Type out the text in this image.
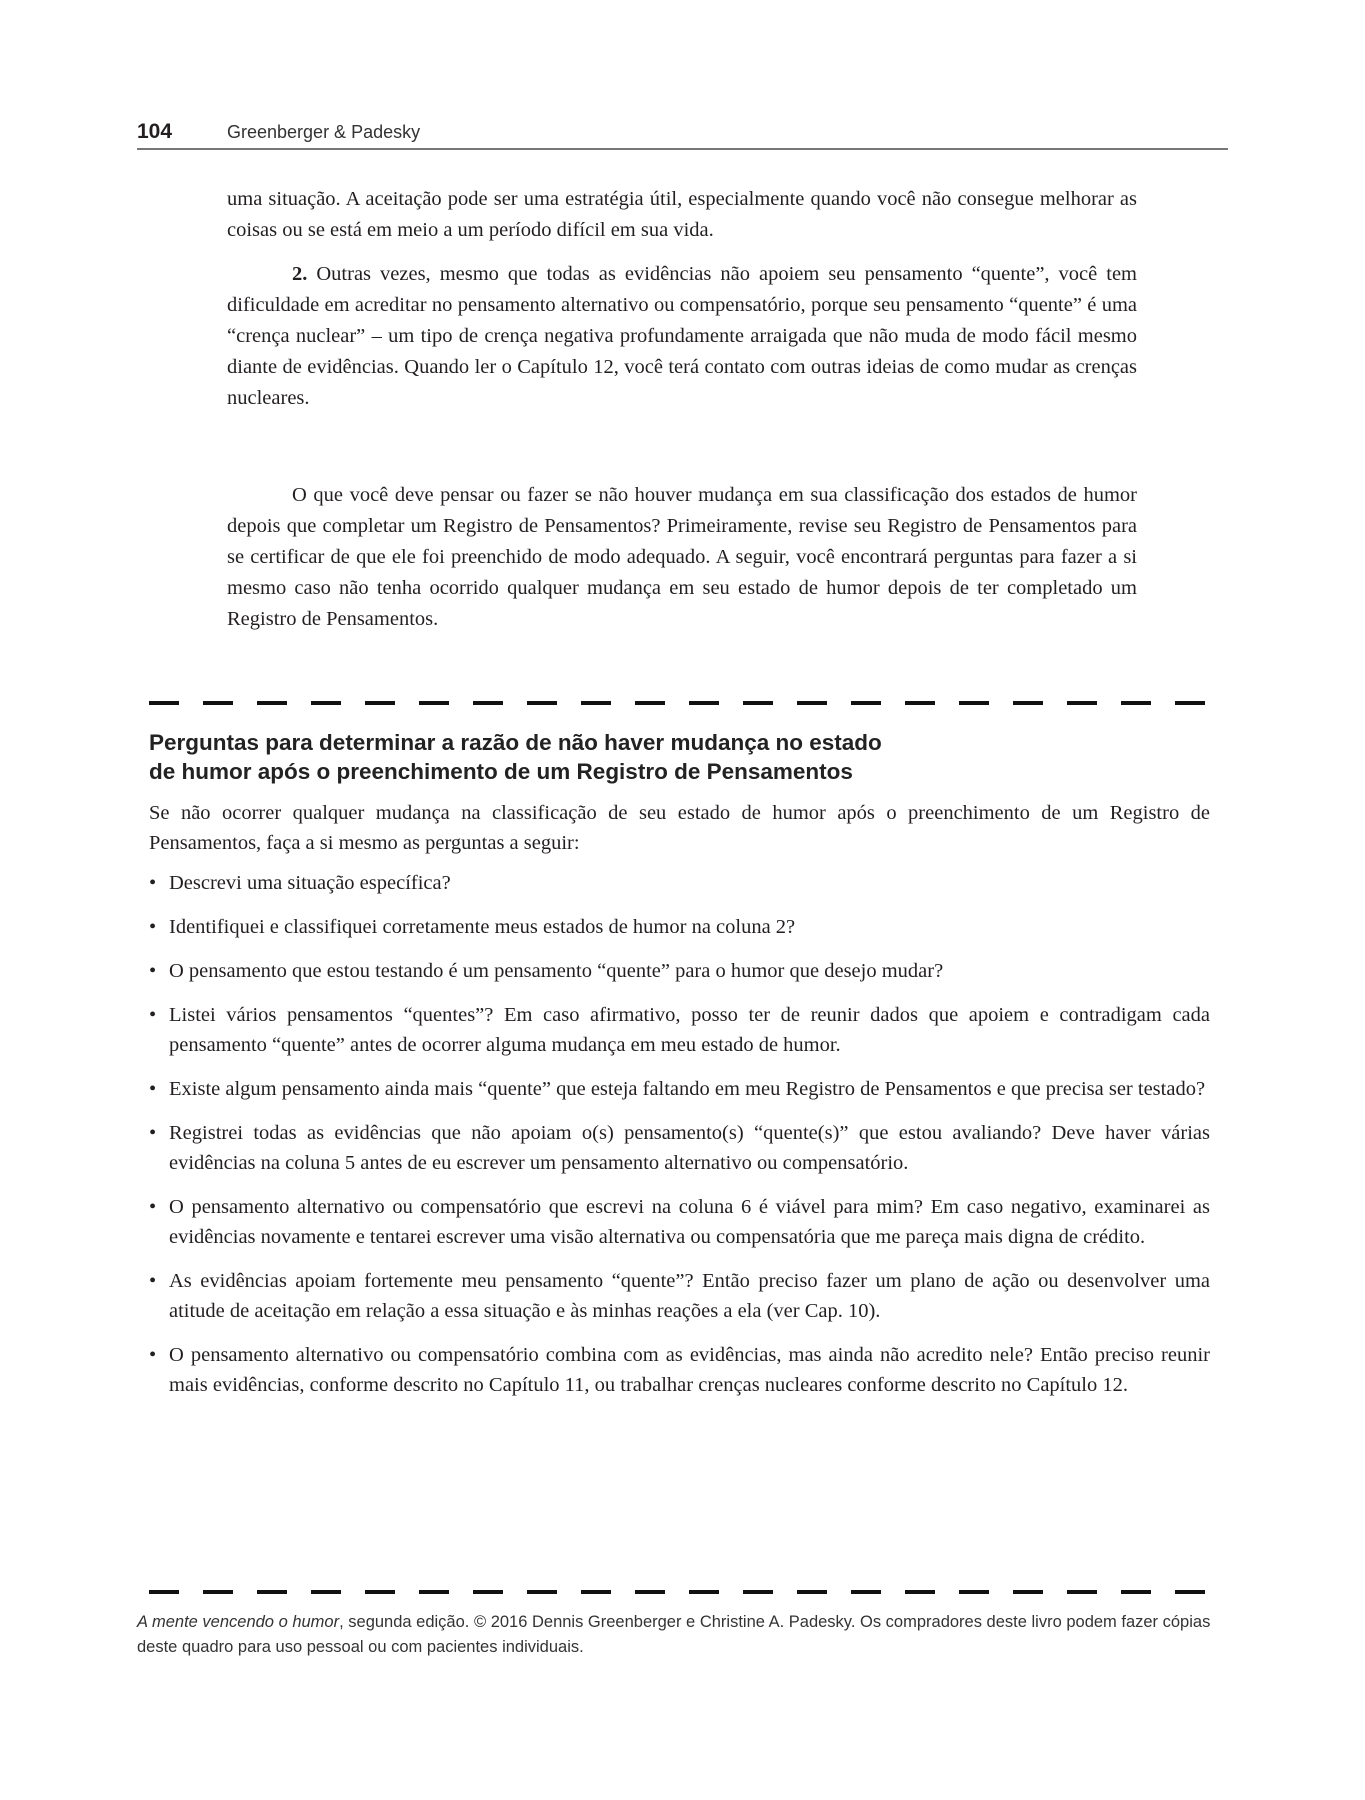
104	Greenberger & Padesky

uma situação. A aceitação pode ser uma estratégia útil, especialmente quando você não consegue melhorar as coisas ou se está em meio a um período difícil em sua vida.

2. Outras vezes, mesmo que todas as evidências não apoiem seu pensamento “quente”, você tem dificuldade em acreditar no pensamento alternativo ou compensatório, porque seu pensamento “quente” é uma “crença nuclear” – um tipo de crença negativa profundamente arraigada que não muda de modo fácil mesmo diante de evidências. Quando ler o Capítulo 12, você terá contato com outras ideias de como mudar as crenças nucleares.

O que você deve pensar ou fazer se não houver mudança em sua classificação dos estados de humor depois que completar um Registro de Pensamentos? Primeiramente, revise seu Registro de Pensamentos para se certificar de que ele foi preenchido de modo adequado. A seguir, você encontrará perguntas para fazer a si mesmo caso não tenha ocorrido qualquer mudança em seu estado de humor depois de ter completado um Registro de Pensamentos.

Perguntas para determinar a razão de não haver mudança no estado
de humor após o preenchimento de um Registro de Pensamentos

Se não ocorrer qualquer mudança na classificação de seu estado de humor após o preenchimento de um Registro de Pensamentos, faça a si mesmo as perguntas a seguir:

• Descrevi uma situação específica?
• Identifiquei e classifiquei corretamente meus estados de humor na coluna 2?
• O pensamento que estou testando é um pensamento “quente” para o humor que desejo mudar?
• Listei vários pensamentos “quentes”? Em caso afirmativo, posso ter de reunir dados que apoiem e contradigam cada pensamento “quente” antes de ocorrer alguma mudança em meu estado de humor.
• Existe algum pensamento ainda mais “quente” que esteja faltando em meu Registro de Pensamentos e que precisa ser testado?
• Registrei todas as evidências que não apoiam o(s) pensamento(s) “quente(s)” que estou avaliando? Deve haver várias evidências na coluna 5 antes de eu escrever um pensamento alternativo ou compensatório.
• O pensamento alternativo ou compensatório que escrevi na coluna 6 é viável para mim? Em caso negativo, examinarei as evidências novamente e tentarei escrever uma visão alternativa ou compensatória que me pareça mais digna de crédito.
• As evidências apoiam fortemente meu pensamento “quente”? Então preciso fazer um plano de ação ou desenvolver uma atitude de aceitação em relação a essa situação e às minhas reações a ela (ver Cap. 10).
• O pensamento alternativo ou compensatório combina com as evidências, mas ainda não acredito nele? Então preciso reunir mais evidências, conforme descrito no Capítulo 11, ou trabalhar crenças nucleares conforme descrito no Capítulo 12.
A mente vencendo o humor, segunda edição. © 2016 Dennis Greenberger e Christine A. Padesky. Os compradores deste livro podem fazer cópias deste quadro para uso pessoal ou com pacientes individuais.
